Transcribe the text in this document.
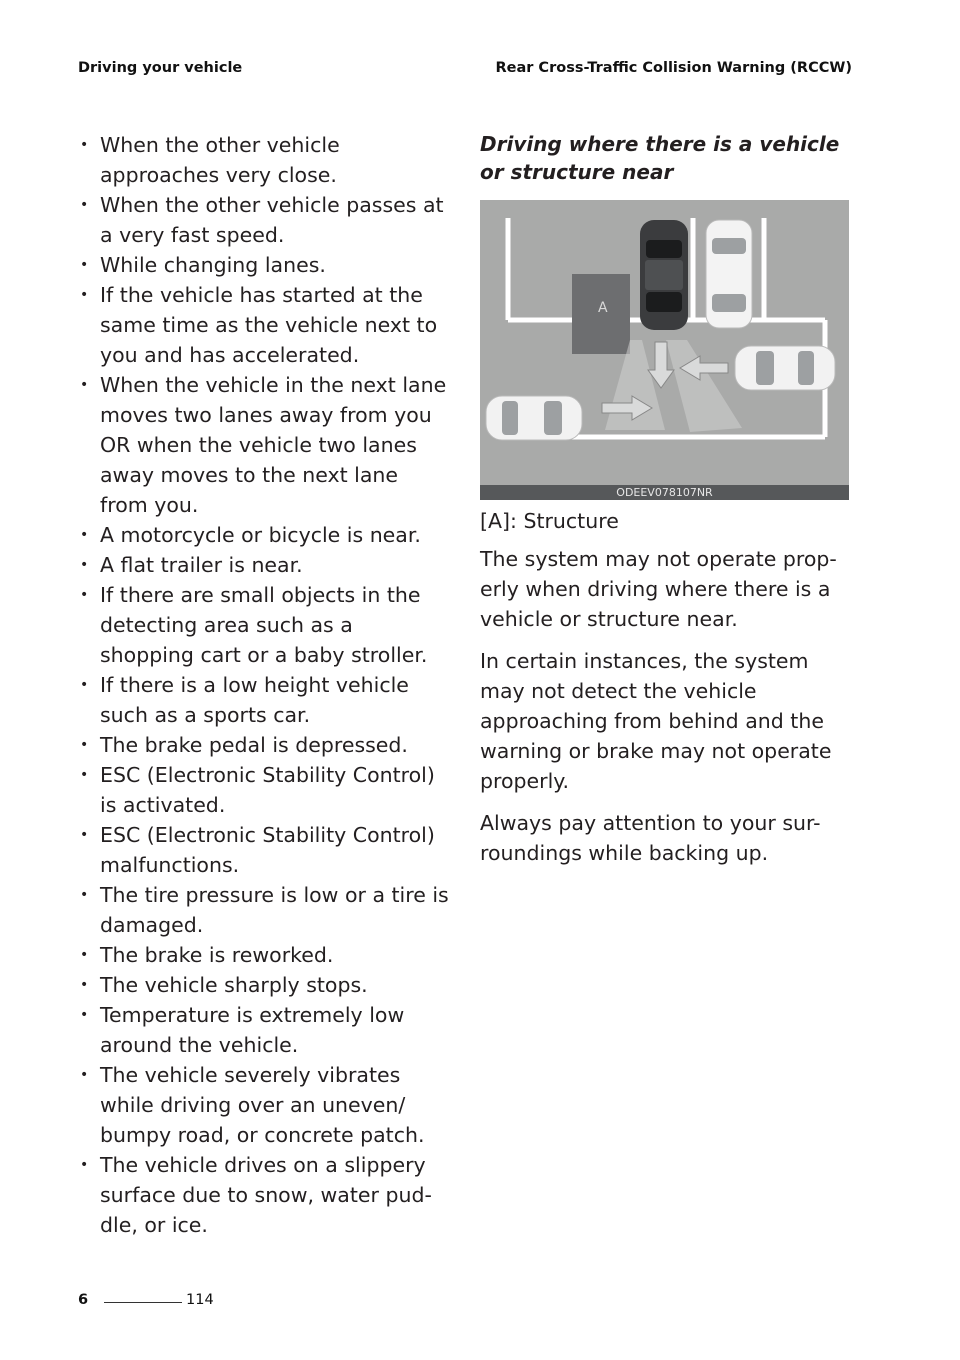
Driving your vehicle	Rear Cross-Traffic Collision Warning (RCCW)
• When the other vehicle approaches very close.
• When the other vehicle passes at a very fast speed.
• While changing lanes.
• If the vehicle has started at the same time as the vehicle next to you and has accelerated.
• When the vehicle in the next lane moves two lanes away from you OR when the vehicle two lanes away moves to the next lane from you.
• A motorcycle or bicycle is near.
• A flat trailer is near.
• If there are small objects in the detecting area such as a shopping cart or a baby stroller.
• If there is a low height vehicle such as a sports car.
• The brake pedal is depressed.
• ESC (Electronic Stability Control) is activated.
• ESC (Electronic Stability Control) malfunctions.
• The tire pressure is low or a tire is damaged.
• The brake is reworked.
• The vehicle sharply stops.
• Temperature is extremely low around the vehicle.
• The vehicle severely vibrates while driving over an uneven/ bumpy road, or concrete patch.
• The vehicle drives on a slippery surface due to snow, water pud-dle, or ice.
Driving where there is a vehicle or structure near
A
ODEEV078107NR

[A]: Structure

The system may not operate prop-erly when driving where there is a vehicle or structure near.

In certain instances, the system may not detect the vehicle approaching from behind and the warning or brake may not operate properly.

Always pay attention to your sur-roundings while backing up.

6	114
